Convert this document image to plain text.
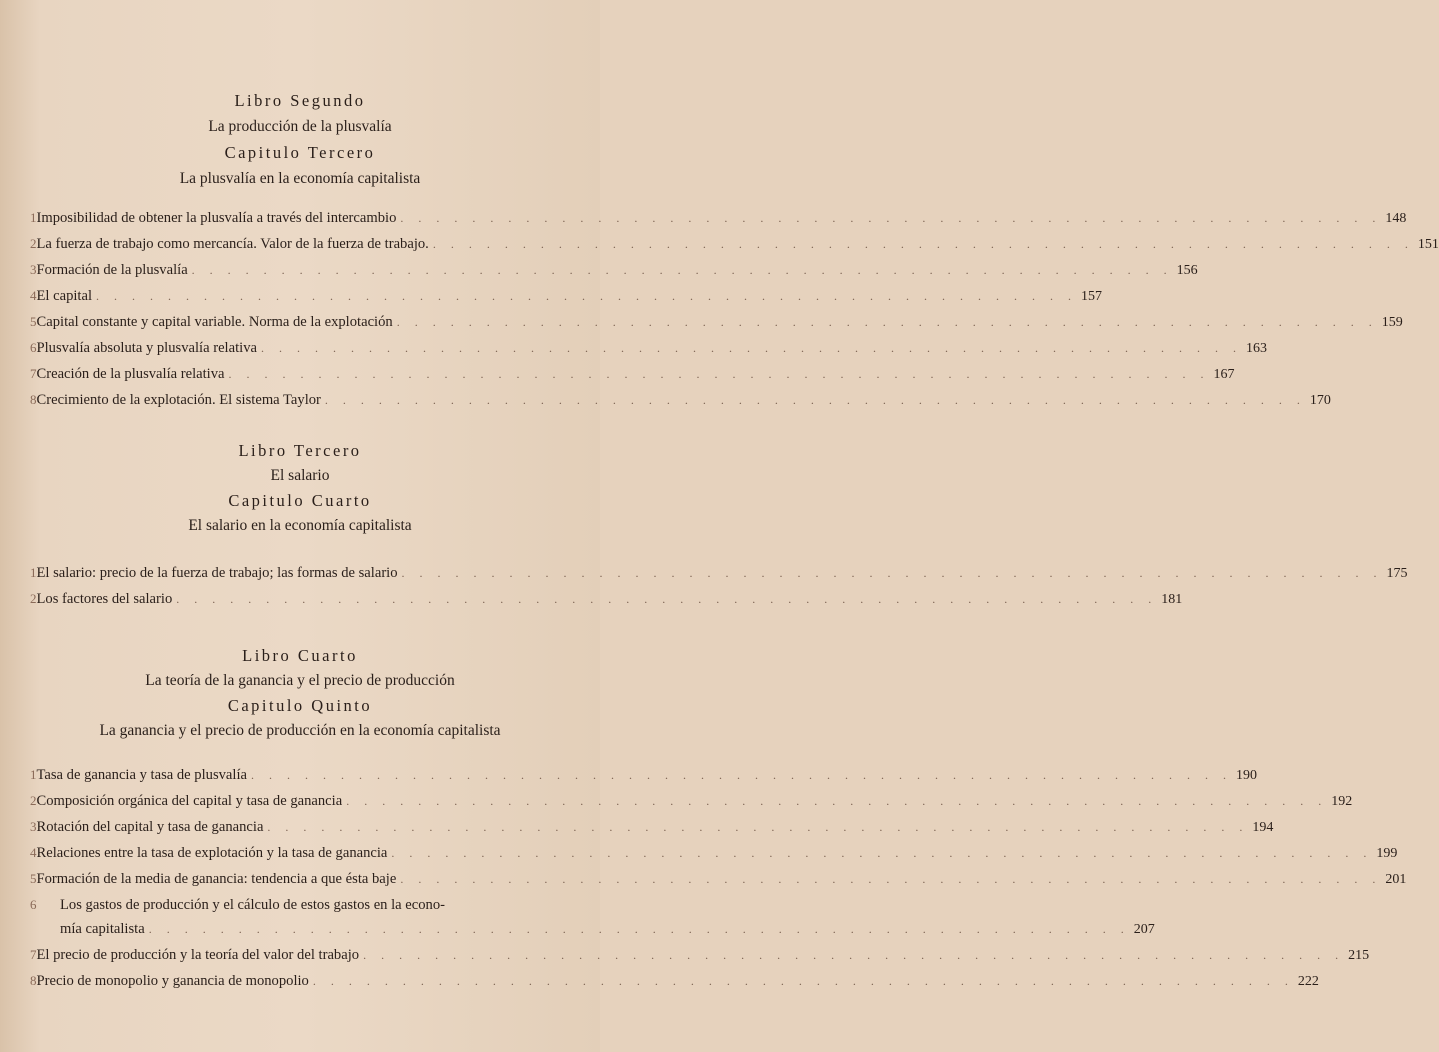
Libro Segundo

La producción de la plusvalía

Capitulo Tercero

La plusvalía en la economía capitalista

1 Imposibilidad de obtener la plusvalía a través del intercambio . . .	148
2 La fuerza de trabajo como mercancía. Valor de la fuerza de trabajo. . . .	151
3 Formación de la plusvalía . . .	156
4 El capital . . .	157
5 Capital constante y capital variable. Norma de la explotación . . .	159
6 Plusvalía absoluta y plusvalía relativa . . .	163
7 Creación de la plusvalía relativa . . .	167
8 Crecimiento de la explotación. El sistema Taylor . . .	170

Libro Tercero

El salario

Capitulo Cuarto

El salario en la economía capitalista

1 El salario: precio de la fuerza de trabajo; las formas de salario . . .	175
2 Los factores del salario . . .	181

Libro Cuarto

La teoría de la ganancia y el precio de producción

Capitulo Quinto

La ganancia y el precio de producción en la economía capitalista

1 Tasa de ganancia y tasa de plusvalía . . .	190
2 Composición orgánica del capital y tasa de ganancia . . .	192
3 Rotación del capital y tasa de ganancia . . .	194
4 Relaciones entre la tasa de explotación y la tasa de ganancia . . .	199
5 Formación de la media de ganancia: tendencia a que ésta baje . . .	201
6	Los gastos de producción y el cálculo de estos gastos en la econo-
mía capitalista . . .	207
7 El precio de producción y la teoría del valor del trabajo . . .	215
8 Precio de monopolio y ganancia de monopolio . . .	222
